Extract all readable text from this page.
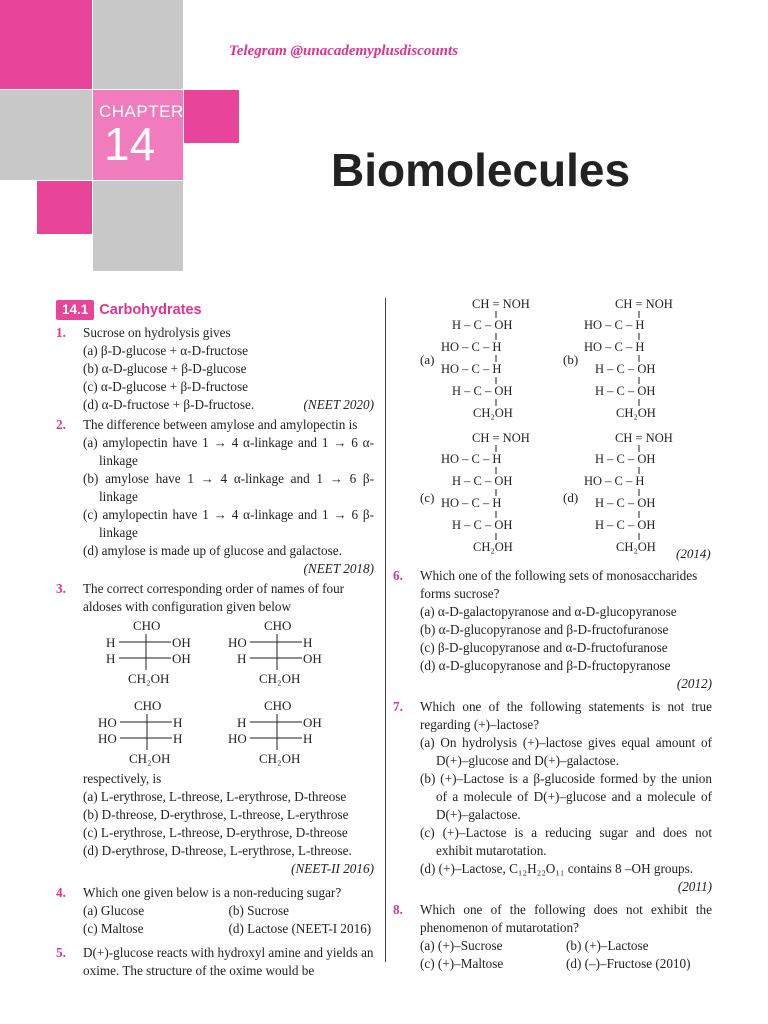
Telegram @unacademyplusdiscounts
CHAPTER
14	Biomolecules
14.1 Carbohydrates
1. Sucrose on hydrolysis gives
(a) β-D-glucose + α-D-fructose
(b) α-D-glucose + β-D-glucose
(c) α-D-glucose + β-D-fructose
(d) α-D-fructose + β-D-fructose.	(NEET 2020)
2. The difference between amylose and amylopectin is
(a) amylopectin have 1 → 4 α-linkage and 1 → 6 α-linkage
(b) amylose have 1 → 4 α-linkage and 1 → 6 β-linkage
(c) amylopectin have 1 → 4 α-linkage and 1 → 6 β-linkage
(d) amylose is made up of glucose and galactose.
(NEET 2018)
3. The correct corresponding order of names of four aldoses with configuration given below
CHO
H	OH
H	OH
CH₂OH
CHO
HO	H
H	OH
CH₂OH
CHO
HO	H
HO	H
CH₂OH
CHO
H	OH
HO	H
CH₂OH
respectively, is
(a) L-erythrose, L-threose, L-erythrose, D-threose
(b) D-threose, D-erythrose, L-threose, L-erythrose
(c) L-erythrose, L-threose, D-erythrose, D-threose
(d) D-erythrose, D-threose, L-erythrose, L-threose.
(NEET-II 2016)
4. Which one given below is a non-reducing sugar?
(a) Glucose	(b) Sucrose
(c) Maltose	(d) Lactose (NEET-I 2016)
5. D(+)-glucose reacts with hydroxyl amine and yields an oxime. The structure of the oxime would be
(a)
CH = NOH
H – C – OH
HO – C – H
HO – C – H
H – C – OH
CH₂OH
(b)
CH = NOH
HO – C – H
HO – C – H
H – C – OH
H – C – OH
CH₂OH
(c)
CH = NOH
HO – C – H
H – C – OH
HO – C – H
H – C – OH
CH₂OH
(d)
CH = NOH
H – C – OH
HO – C – H
H – C – OH
H – C – OH
CH₂OH (2014)
6. Which one of the following sets of monosaccharides forms sucrose?
(a) α-D-galactopyranose and α-D-glucopyranose
(b) α-D-glucopyranose and β-D-fructofuranose
(c) β-D-glucopyranose and α-D-fructofuranose
(d) α-D-glucopyranose and β-D-fructopyranose
(2012)
7. Which one of the following statements is not true regarding (+)–lactose?
(a) On hydrolysis (+)–lactose gives equal amount of D(+)–glucose and D(+)–galactose.
(b) (+)–Lactose is a β-glucoside formed by the union of a molecule of D(+)–glucose and a molecule of D(+)–galactose.
(c) (+)–Lactose is a reducing sugar and does not exhibit mutarotation.
(d) (+)–Lactose, C₁₂H₂₂O₁₁ contains 8 –OH groups.
(2011)
8. Which one of the following does not exhibit the phenomenon of mutarotation?
(a) (+)–Sucrose	(b) (+)–Lactose
(c) (+)–Maltose	(d) (–)–Fructose (2010)
